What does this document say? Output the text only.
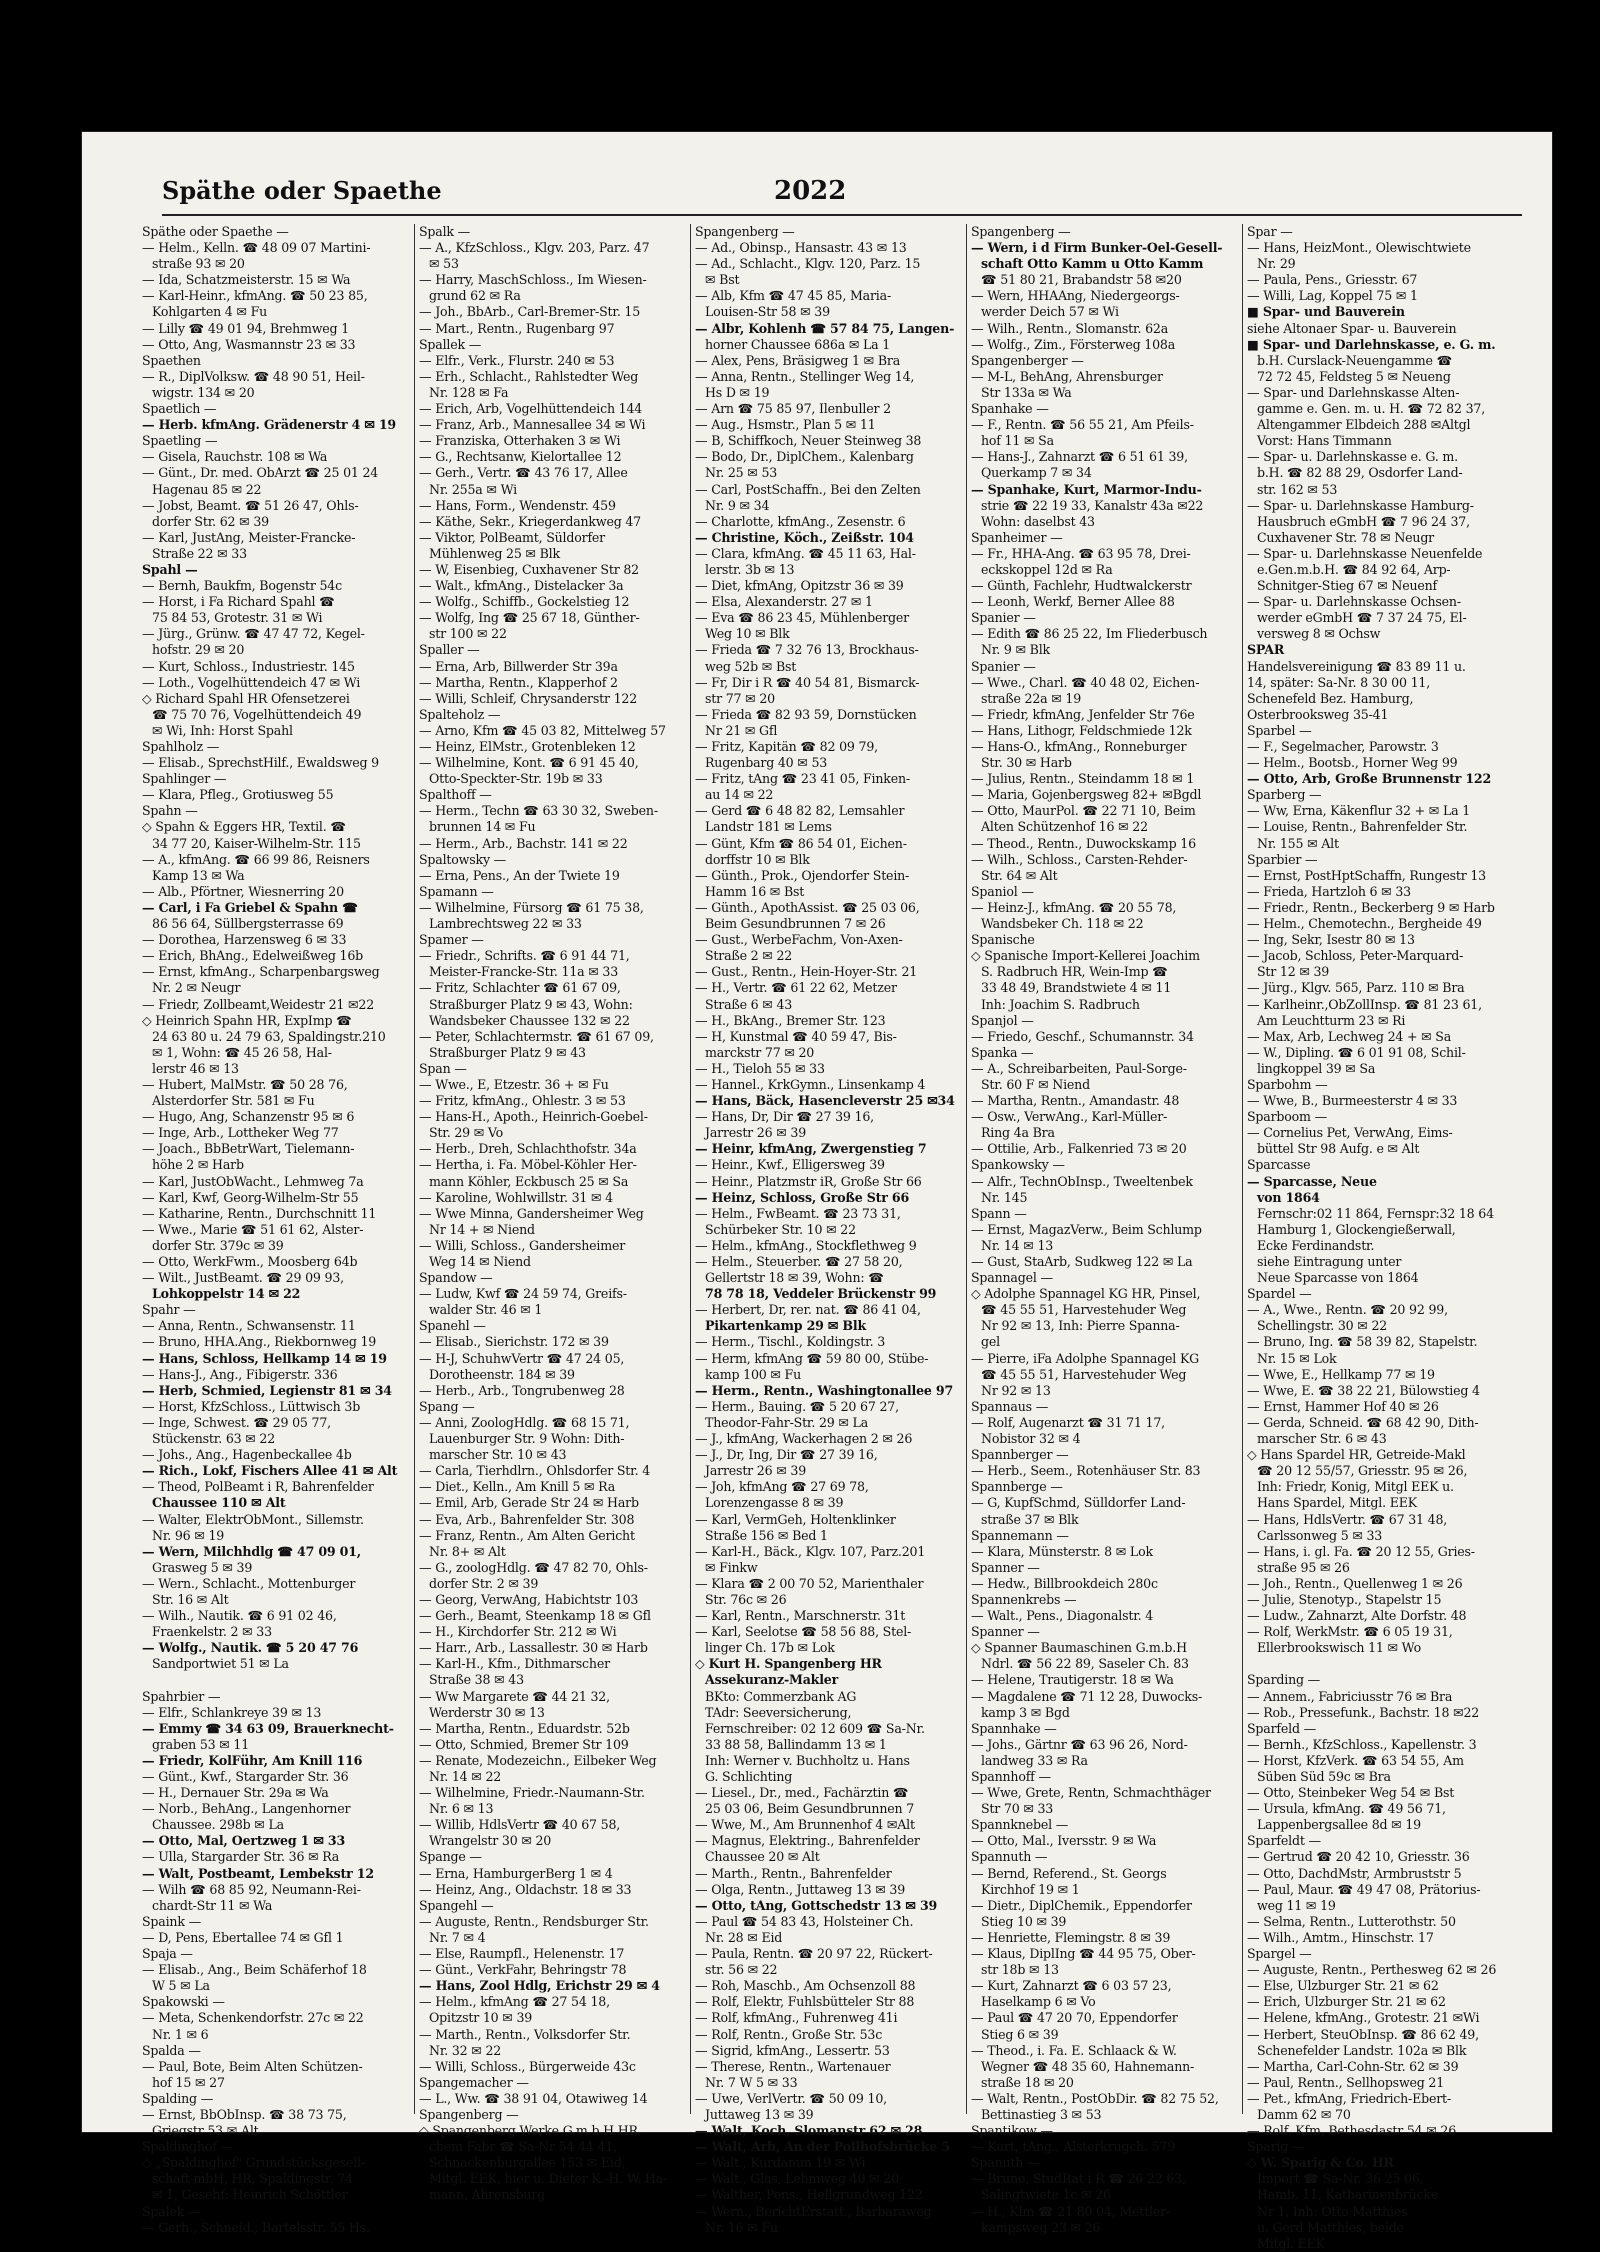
Späthe oder Spaethe	2022
Späthe oder Spaethe —
— Helm., Kelln. ☎ 48 09 07 Martini-
straße 93 ✉ 20
— Ida, Schatzmeisterstr. 15 ✉ Wa
— Karl-Heinr., kfmAng. ☎ 50 23 85,
Kohlgarten 4 ✉ Fu
— Lilly ☎ 49 01 94, Brehmweg 1
— Otto, Ang, Wasmannstr 23 ✉ 33
Spaethen
— R., DiplVolksw. ☎ 48 90 51, Heil-
wigstr. 134 ✉ 20
Spaetlich —
— Herb. kfmAng. Grädenerstr 4 ✉ 19
Spaetling —
— Gisela, Rauchstr. 108 ✉ Wa
— Günt., Dr. med. ObArzt ☎ 25 01 24
Hagenau 85 ✉ 22
— Jobst, Beamt. ☎ 51 26 47, Ohls-
dorfer Str. 62 ✉ 39
— Karl, JustAng, Meister-Francke-
Straße 22 ✉ 33
Spahl —
— Bernh, Baukfm, Bogenstr 54c
— Horst, i Fa Richard Spahl ☎
75 84 53, Grotestr. 31 ✉ Wi
— Jürg., Grünw. ☎ 47 47 72, Kegel-
hofstr. 29 ✉ 20
— Kurt, Schloss., Industriestr. 145
— Loth., Vogelhüttendeich 47 ✉ Wi
◇ Richard Spahl HR Ofensetzerei
☎ 75 70 76, Vogelhüttendeich 49
✉ Wi, Inh: Horst Spahl
Spahlholz —
— Elisab., SprechstHilf., Ewaldsweg 9
Spahlinger —
— Klara, Pfleg., Grotiusweg 55
Spahn —
◇ Spahn & Eggers HR, Textil. ☎
34 77 20, Kaiser-Wilhelm-Str. 115
— A., kfmAng. ☎ 66 99 86, Reisners
Kamp 13 ✉ Wa
— Alb., Pförtner, Wiesnerring 20
— Carl, i Fa Griebel & Spahn ☎
86 56 64, Süllbergsterrasse 69
— Dorothea, Harzensweg 6 ✉ 33
— Erich, BhAng., Edelweißweg 16b
— Ernst, kfmAng., Scharpenbargsweg
Nr. 2 ✉ Neugr
— Friedr, Zollbeamt,Weidestr 21 ✉22
◇ Heinrich Spahn HR, ExpImp ☎
24 63 80 u. 24 79 63, Spaldingstr.210
✉ 1, Wohn: ☎ 45 26 58, Hal-
lerstr 46 ✉ 13
— Hubert, MalMstr. ☎ 50 28 76,
Alsterdorfer Str. 581 ✉ Fu
— Hugo, Ang, Schanzenstr 95 ✉ 6
— Inge, Arb., Lottheker Weg 77
— Joach., BbBetrWart, Tielemann-
höhe 2 ✉ Harb
— Karl, JustObWacht., Lehmweg 7a
— Karl, Kwf, Georg-Wilhelm-Str 55
— Katharine, Rentn., Durchschnitt 11
— Wwe., Marie ☎ 51 61 62, Alster-
dorfer Str. 379c ✉ 39
— Otto, WerkFwm., Moosberg 64b
— Wilt., JustBeamt. ☎ 29 09 93,
Lohkoppelstr 14 ✉ 22
Spahr —
— Anna, Rentn., Schwansenstr. 11
— Bruno, HHA.Ang., Riekbornweg 19
— Hans, Schloss, Hellkamp 14 ✉ 19
— Hans-J., Ang., Fibigerstr. 336
— Herb, Schmied, Legienstr 81 ✉ 34
— Horst, KfzSchloss., Lüttwisch 3b
— Inge, Schwest. ☎ 29 05 77,
Stückenstr. 63 ✉ 22
— Johs., Ang., Hagenbeckallee 4b
— Rich., Lokf, Fischers Allee 41 ✉ Alt
— Theod, PolBeamt i R, Bahrenfelder
Chaussee 110 ✉ Alt
— Walter, ElektrObMont., Sillemstr.
Nr. 96 ✉ 19
— Wern, Milchhdlg ☎ 47 09 01,
Grasweg 5 ✉ 39
— Wern., Schlacht., Mottenburger
Str. 16 ✉ Alt
— Wilh., Nautik. ☎ 6 91 02 46,
Fraenkelstr. 2 ✉ 33
— Wolfg., Nautik. ☎ 5 20 47 76
Sandportwiet 51 ✉ La

Spahrbier —
— Elfr., Schlankreye 39 ✉ 13
— Emmy ☎ 34 63 09, Brauerknecht-
graben 53 ✉ 11
— Friedr, KolFühr, Am Knill 116
— Günt., Kwf., Stargarder Str. 36
— H., Dernauer Str. 29a ✉ Wa
— Norb., BehAng., Langenhorner
Chaussee. 298b ✉ La
— Otto, Mal, Oertzweg 1 ✉ 33
— Ulla, Stargarder Str. 36 ✉ Ra
— Walt, Postbeamt, Lembekstr 12
— Wilh ☎ 68 85 92, Neumann-Rei-
chardt-Str 11 ✉ Wa
Spaink —
— D, Pens, Ebertallee 74 ✉ Gfl 1
Spaja —
— Elisab., Ang., Beim Schäferhof 18
W 5 ✉ La
Spakowski —
— Meta, Schenkendorfstr. 27c ✉ 22
Nr. 1 ✉ 6
Spalda —
— Paul, Bote, Beim Alten Schützen-
hof 15 ✉ 27
Spalding —
— Ernst, BbObInsp. ☎ 38 73 75,
Griegstr 53 ✉ Alt
Spaldinghof —
◇ „Spaldinghof" Grundstücksgesell-
schaft mbH, HR, Spaldingstr. 74
✉ 1, Gesehf: Heinrich Schöttler
Spalek —
— Gerh., Schneid., Bartelsstr. 55 Hs.
Spalk —
— A., KfzSchloss., Klgv. 203, Parz. 47
✉ 53
— Harry, MaschSchloss., Im Wiesen-
grund 62 ✉ Ra
— Joh., BbArb., Carl-Bremer-Str. 15
— Mart., Rentn., Rugenbarg 97
Spallek —
— Elfr., Verk., Flurstr. 240 ✉ 53
— Erh., Schlacht., Rahlstedter Weg
Nr. 128 ✉ Fa
— Erich, Arb, Vogelhüttendeich 144
— Franz, Arb., Mannesallee 34 ✉ Wi
— Franziska, Otterhaken 3 ✉ Wi
— G., Rechtsanw, Kielortallee 12
— Gerh., Vertr. ☎ 43 76 17, Allee
Nr. 255a ✉ Wi
— Hans, Form., Wendenstr. 459
— Käthe, Sekr., Kriegerdankweg 47
— Viktor, PolBeamt, Süldorfer
Mühlenweg 25 ✉ Blk
— W, Eisenbieg, Cuxhavener Str 82
— Walt., kfmAng., Distelacker 3a
— Wolfg., Schiffb., Gockelstieg 12
— Wolfg, Ing ☎ 25 67 18, Günther-
str 100 ✉ 22
Spaller —
— Erna, Arb, Billwerder Str 39a
— Martha, Rentn., Klapperhof 2
— Willi, Schleif, Chrysanderstr 122
Spalteholz —
— Arno, Kfm ☎ 45 03 82, Mittelweg 57
— Heinz, ElMstr., Grotenbleken 12
— Wilhelmine, Kont. ☎ 6 91 45 40,
Otto-Speckter-Str. 19b ✉ 33
Spalthoff —
— Herm., Techn ☎ 63 30 32, Sweben-
brunnen 14 ✉ Fu
— Herm., Arb., Bachstr. 141 ✉ 22
Spaltowsky —
— Erna, Pens., An der Twiete 19
Spamann —
— Wilhelmine, Fürsorg ☎ 61 75 38,
Lambrechtsweg 22 ✉ 33
Spamer —
— Friedr., Schrifts. ☎ 6 91 44 71,
Meister-Francke-Str. 11a ✉ 33
— Fritz, Schlachter ☎ 61 67 09,
Straßburger Platz 9 ✉ 43, Wohn:
Wandsbeker Chaussee 132 ✉ 22
— Peter, Schlachtermstr. ☎ 61 67 09,
Straßburger Platz 9 ✉ 43
Span —
— Wwe., E, Etzestr. 36 + ✉ Fu
— Fritz, kfmAng., Ohlestr. 3 ✉ 53
— Hans-H., Apoth., Heinrich-Goebel-
Str. 29 ✉ Vo
— Herb., Dreh, Schlachthofstr. 34a
— Hertha, i. Fa. Möbel-Köhler Her-
mann Köhler, Eckbusch 25 ✉ Sa
— Karoline, Wohlwillstr. 31 ✉ 4
— Wwe Minna, Gandersheimer Weg
Nr 14 + ✉ Niend
— Willi, Schloss., Gandersheimer
Weg 14 ✉ Niend
Spandow —
— Ludw, Kwf ☎ 24 59 74, Greifs-
walder Str. 46 ✉ 1
Spanehl —
— Elisab., Sierichstr. 172 ✉ 39
— H-J, SchuhwVertr ☎ 47 24 05,
Dorotheenstr. 184 ✉ 39
— Herb., Arb., Tongrubenweg 28
Spang —
— Anni, ZoologHdlg. ☎ 68 15 71,
Lauenburger Str. 9 Wohn: Dith-
marscher Str. 10 ✉ 43
— Carla, Tierhdlrn., Ohlsdorfer Str. 4
— Diet., Kelln., Am Knill 5 ✉ Ra
— Emil, Arb, Gerade Str 24 ✉ Harb
— Eva, Arb., Bahrenfelder Str. 308
— Franz, Rentn., Am Alten Gericht
Nr. 8+ ✉ Alt
— G., zoologHdlg. ☎ 47 82 70, Ohls-
dorfer Str. 2 ✉ 39
— Georg, VerwAng, Habichtstr 103
— Gerh., Beamt, Steenkamp 18 ✉ Gfl
— H., Kirchdorfer Str. 212 ✉ Wi
— Harr., Arb., Lassallestr. 30 ✉ Harb
— Karl-H., Kfm., Dithmarscher
Straße 38 ✉ 43
— Ww Margarete ☎ 44 21 32,
Werderstr 30 ✉ 13
— Martha, Rentn., Eduardstr. 52b
— Otto, Schmied, Bremer Str 109
— Renate, Modezeichn., Eilbeker Weg
Nr. 14 ✉ 22
— Wilhelmine, Friedr.-Naumann-Str.
Nr. 6 ✉ 13
— Willib, HdlsVertr ☎ 40 67 58,
Wrangelstr 30 ✉ 20
Spange —
— Erna, HamburgerBerg 1 ✉ 4
— Heinz, Ang., Oldachstr. 18 ✉ 33
Spangehl —
— Auguste, Rentn., Rendsburger Str.
Nr. 7 ✉ 4
— Else, Raumpfl., Helenenstr. 17
— Günt., VerkFahr, Behringstr 78
— Hans, Zool Hdlg, Erichstr 29 ✉ 4
— Helm., kfmAng ☎ 27 54 18,
Opitzstr 10 ✉ 39
— Marth., Rentn., Volksdorfer Str.
Nr. 32 ✉ 22
— Willi, Schloss., Bürgerweide 43c
Spangemacher —
— L., Ww. ☎ 38 91 04, Otawiweg 14
Spangenberg —
◇ Spangenberg Werke G.m.b.H HR,
chem Fabr ☎ Sa-Nr 54 44 41,
Schnackenburgallee 153 ✉ Eid,
Mitgl. EEK, hier u. Dieter K.-H. W. Ha-
mann, Ahrensburg
Spangenberg —
— Ad., Obinsp., Hansastr. 43 ✉ 13
— Ad., Schlacht., Klgv. 120, Parz. 15
✉ Bst
— Alb, Kfm ☎ 47 45 85, Maria-
Louisen-Str 58 ✉ 39
— Albr, Kohlenh ☎ 57 84 75, Langen-
horner Chaussee 686a ✉ La 1
— Alex, Pens, Bräsigweg 1 ✉ Bra
— Anna, Rentn., Stellinger Weg 14,
Hs D ✉ 19
— Arn ☎ 75 85 97, Ilenbuller 2
— Aug., Hsmstr., Plan 5 ✉ 11
— B, Schiffkoch, Neuer Steinweg 38
— Bodo, Dr., DiplChem., Kalenbarg
Nr. 25 ✉ 53
— Carl, PostSchaffn., Bei den Zelten
Nr. 9 ✉ 34
— Charlotte, kfmAng., Zesenstr. 6
— Christine, Köch., Zeißstr. 104
— Clara, kfmAng. ☎ 45 11 63, Hal-
lerstr. 3b ✉ 13
— Diet, kfmAng, Opitzstr 36 ✉ 39
— Elsa, Alexanderstr. 27 ✉ 1
— Eva ☎ 86 23 45, Mühlenberger
Weg 10 ✉ Blk
— Frieda ☎ 7 32 76 13, Brockhaus-
weg 52b ✉ Bst
— Fr, Dir i R ☎ 40 54 81, Bismarck-
str 77 ✉ 20
— Frieda ☎ 82 93 59, Dornstücken
Nr 21 ✉ Gfl
— Fritz, Kapitän ☎ 82 09 79,
Rugenbarg 40 ✉ 53
— Fritz, tAng ☎ 23 41 05, Finken-
au 14 ✉ 22
— Gerd ☎ 6 48 82 82, Lemsahler
Landstr 181 ✉ Lems
— Günt, Kfm ☎ 86 54 01, Eichen-
dorffstr 10 ✉ Blk
— Günth., Prok., Ojendorfer Stein-
Hamm 16 ✉ Bst
— Günth., ApothAssist. ☎ 25 03 06,
Beim Gesundbrunnen 7 ✉ 26
— Gust., WerbeFachm, Von-Axen-
Straße 2 ✉ 22
— Gust., Rentn., Hein-Hoyer-Str. 21
— H., Vertr. ☎ 61 22 62, Metzer
Straße 6 ✉ 43
— H., BkAng., Bremer Str. 123
— H, Kunstmal ☎ 40 59 47, Bis-
marckstr 77 ✉ 20
— H., Tieloh 55 ✉ 33
— Hannel., KrkGymn., Linsenkamp 4
— Hans, Bäck, Hasencleverstr 25 ✉34
— Hans, Dr, Dir ☎ 27 39 16,
Jarrestr 26 ✉ 39
— Heinr, kfmAng, Zwergenstieg 7
— Heinr., Kwf., Elligersweg 39
— Heinr., Platzmstr iR, Große Str 66
— Heinz, Schloss, Große Str 66
— Helm., FwBeamt. ☎ 23 73 31,
Schürbeker Str. 10 ✉ 22
— Helm., kfmAng., Stockflethweg 9
— Helm., Steuerber. ☎ 27 58 20,
Gellertstr 18 ✉ 39, Wohn: ☎
78 78 18, Veddeler Brückenstr 99
— Herbert, Dr, rer. nat. ☎ 86 41 04,
Pikartenkamp 29 ✉ Blk
— Herm., Tischl., Koldingstr. 3
— Herm, kfmAng ☎ 59 80 00, Stübe-
kamp 100 ✉ Fu
— Herm., Rentn., Washingtonallee 97
— Herm., Bauing. ☎ 5 20 67 27,
Theodor-Fahr-Str. 29 ✉ La
— J., kfmAng, Wackerhagen 2 ✉ 26
— J., Dr, Ing, Dir ☎ 27 39 16,
Jarrestr 26 ✉ 39
— Joh, kfmAng ☎ 27 69 78,
Lorenzengasse 8 ✉ 39
— Karl, VermGeh, Holtenklinker
Straße 156 ✉ Bed 1
— Karl-H., Bäck., Klgv. 107, Parz.201
✉ Finkw
— Klara ☎ 2 00 70 52, Marienthaler
Str. 76c ✉ 26
— Karl, Rentn., Marschnerstr. 31t
— Karl, Seelotse ☎ 58 56 88, Stel-
linger Ch. 17b ✉ Lok
◇ Kurt H. Spangenberg HR
Assekuranz-Makler
BKto: Commerzbank AG
TAdr: Seeversicherung,
Fernschreiber: 02 12 609 ☎ Sa-Nr.
33 88 58, Ballindamm 13 ✉ 1
Inh: Werner v. Buchholtz u. Hans
G. Schlichting
— Liesel., Dr., med., Fachärztin ☎
25 03 06, Beim Gesundbrunnen 7
— Wwe, M., Am Brunnenhof 4 ✉Alt
— Magnus, Elektring., Bahrenfelder
Chaussee 20 ✉ Alt
— Marth., Rentn., Bahrenfelder
— Olga, Rentn., Juttaweg 13 ✉ 39
— Otto, tAng, Gottschedstr 13 ✉ 39
— Paul ☎ 54 83 43, Holsteiner Ch.
Nr. 28 ✉ Eid
— Paula, Rentn. ☎ 20 97 22, Rückert-
str. 56 ✉ 22
— Roh, Maschb., Am Ochsenzoll 88
— Rolf, Elektr, Fuhlsbütteler Str 88
— Rolf, kfmAng., Fuhrenweg 41i
— Rolf, Rentn., Große Str. 53c
— Sigrid, kfmAng., Lessertr. 53
— Therese, Rentn., Wartenauer
Nr. 7 W 5 ✉ 33
— Uwe, VerlVertr. ☎ 50 09 10,
Juttaweg 13 ✉ 39
— Walt, Koch, Slomanstr 62 ✉ 28
— Walt, Arb, An der Pollhofsbrücke 5
— Walt., Kurdamm 19 ✉ Wi
— Walt., Glas, Lehmweg 40 ✉ 20
— Walther, Pens., Hellgrundweg 122
— Wern., BerichtErstatt., Barbaraweg
Nr. 16 ✉ Fu
Spangenberg —
— Wern, i d Firm Bunker-Oel-Gesell-
schaft Otto Kamm u Otto Kamm
☎ 51 80 21, Brabandstr 58 ✉20
— Wern, HHAAng, Niedergeorgs-
werder Deich 57 ✉ Wi
— Wilh., Rentn., Slomanstr. 62a
— Wolfg., Zim., Försterweg 108a
Spangenberger —
— M-L, BehAng, Ahrensburger
Str 133a ✉ Wa
Spanhake —
— F., Rentn. ☎ 56 55 21, Am Pfeils-
hof 11 ✉ Sa
— Hans-J., Zahnarzt ☎ 6 51 61 39,
Querkamp 7 ✉ 34
— Spanhake, Kurt, Marmor-Indu-
strie ☎ 22 19 33, Kanalstr 43a ✉22
Wohn: daselbst 43
Spanheimer —
— Fr., HHA-Ang. ☎ 63 95 78, Drei-
eckskoppel 12d ✉ Ra
— Günth, Fachlehr, Hudtwalckerstr
— Leonh, Werkf, Berner Allee 88
Spanier —
— Edith ☎ 86 25 22, Im Fliederbusch
Nr. 9 ✉ Blk
Spanier —
— Wwe., Charl. ☎ 40 48 02, Eichen-
straße 22a ✉ 19
— Friedr, kfmAng, Jenfelder Str 76e
— Hans, Lithogr, Feldschmiede 12k
— Hans-O., kfmAng., Ronneburger
Str. 30 ✉ Harb
— Julius, Rentn., Steindamm 18 ✉ 1
— Maria, Gojenbergsweg 82+ ✉Bgdl
— Otto, MaurPol. ☎ 22 71 10, Beim
Alten Schützenhof 16 ✉ 22
— Theod., Rentn., Duwockskamp 16
— Wilh., Schloss., Carsten-Rehder-
Str. 64 ✉ Alt
Spaniol —
— Heinz-J., kfmAng. ☎ 20 55 78,
Wandsbeker Ch. 118 ✉ 22
Spanische
◇ Spanische Import-Kellerei Joachim
S. Radbruch HR, Wein-Imp ☎
33 48 49, Brandstwiete 4 ✉ 11
Inh: Joachim S. Radbruch
Spanjol —
— Friedo, Geschf., Schumannstr. 34
Spanka —
— A., Schreibarbeiten, Paul-Sorge-
Str. 60 F ✉ Niend
— Martha, Rentn., Amandastr. 48
— Osw., VerwAng., Karl-Müller-
Ring 4a Bra
— Ottilie, Arb., Falkenried 73 ✉ 20
Spankowsky —
— Alfr., TechnObInsp., Tweeltenbek
Nr. 145
Spann —
— Ernst, MagazVerw., Beim Schlump
Nr. 14 ✉ 13
— Gust, StaArb, Sudkweg 122 ✉ La
Spannagel —
◇ Adolphe Spannagel KG HR, Pinsel,
☎ 45 55 51, Harvestehuder Weg
Nr 92 ✉ 13, Inh: Pierre Spanna-
gel
— Pierre, iFa Adolphe Spannagel KG
☎ 45 55 51, Harvestehuder Weg
Nr 92 ✉ 13
Spannaus —
— Rolf, Augenarzt ☎ 31 71 17,
Nobistor 32 ✉ 4
Spannberger —
— Herb., Seem., Rotenhäuser Str. 83
Spannberge —
— G, KupfSchmd, Sülldorfer Land-
straße 37 ✉ Blk
Spannemann —
— Klara, Münsterstr. 8 ✉ Lok
Spanner —
— Hedw., Billbrookdeich 280c
Spannenkrebs —
— Walt., Pens., Diagonalstr. 4
Spanner —
◇ Spanner Baumaschinen G.m.b.H
Ndrl. ☎ 56 22 89, Saseler Ch. 83
— Helene, Trautigerstr. 18 ✉ Wa
— Magdalene ☎ 71 12 28, Duwocks-
kamp 3 ✉ Bgd
Spannhake —
— Johs., Gärtnr ☎ 63 96 26, Nord-
landweg 33 ✉ Ra
Spannhoff —
— Wwe, Grete, Rentn, Schmachthäger
Str 70 ✉ 33
Spannknebel —
— Otto, Mal., Iversstr. 9 ✉ Wa
Spannuth —
— Bernd, Referend., St. Georgs
Kirchhof 19 ✉ 1
— Dietr., DiplChemik., Eppendorfer
Stieg 10 ✉ 39
— Henriette, Flemingstr. 8 ✉ 39
— Klaus, DiplIng ☎ 44 95 75, Ober-
str 18b ✉ 13
— Kurt, Zahnarzt ☎ 6 03 57 23,
Haselkamp 6 ✉ Vo
— Paul ☎ 47 20 70, Eppendorfer
Stieg 6 ✉ 39
— Theod., i. Fa. E. Schlaack & W.
Wegner ☎ 48 35 60, Hahnemann-
straße 18 ✉ 20
— Walt, Rentn., PostObDir. ☎ 82 75 52,
Bettinastieg 3 ✉ 53
Spantikow —
— Kurt, tAng., Alsterkrugch. 579
Spanuth —
— Bruno, StudRat i R ☎ 26 22 63,
Salingtwiete 1c ✉ 26
— H., Klm ☎ 21 80 04, Mettler-
kampsweg 23 ✉ 26
Spar —
— Hans, HeizMont., Olewischtwiete
Nr. 29
— Paula, Pens., Griesstr. 67
— Willi, Lag, Koppel 75 ✉ 1
■ Spar- und Bauverein
siehe Altonaer Spar- u. Bauverein
■ Spar- und Darlehnskasse, e. G. m.
b.H. Curslack-Neuengamme ☎
72 72 45, Feldsteg 5 ✉ Neueng
— Spar- und Darlehnskasse Alten-
gamme e. Gen. m. u. H. ☎ 72 82 37,
Altengammer Elbdeich 288 ✉Altgl
Vorst: Hans Timmann
— Spar- u. Darlehnskasse e. G. m.
b.H. ☎ 82 88 29, Osdorfer Land-
str. 162 ✉ 53
— Spar- u. Darlehnskasse Hamburg-
Hausbruch eGmbH ☎ 7 96 24 37,
Cuxhavener Str. 78 ✉ Neugr
— Spar- u. Darlehnskasse Neuenfelde
e.Gen.m.b.H. ☎ 84 92 64, Arp-
Schnitger-Stieg 67 ✉ Neuenf
— Spar- u. Darlehnskasse Ochsen-
werder eGmbH ☎ 7 37 24 75, El-
versweg 8 ✉ Ochsw
SPAR
Handelsvereinigung ☎ 83 89 11 u.
14, später: Sa-Nr. 8 30 00 11,
Schenefeld Bez. Hamburg,
Osterbrooksweg 35-41
Sparbel —
— F., Segelmacher, Parowstr. 3
— Helm., Bootsb., Horner Weg 99
— Otto, Arb, Große Brunnenstr 122
Sparberg —
— Ww, Erna, Käkenflur 32 + ✉ La 1
— Louise, Rentn., Bahrenfelder Str.
Nr. 155 ✉ Alt
Sparbier —
— Ernst, PostHptSchaffn, Rungestr 13
— Frieda, Hartzloh 6 ✉ 33
— Friedr., Rentn., Beckerberg 9 ✉ Harb
— Helm., Chemotechn., Bergheide 49
— Ing, Sekr, Isestr 80 ✉ 13
— Jacob, Schloss, Peter-Marquard-
Str 12 ✉ 39
— Jürg., Klgv. 565, Parz. 110 ✉ Bra
— Karlheinr.,ObZollInsp. ☎ 81 23 61,
Am Leuchtturm 23 ✉ Ri
— Max, Arb, Lechweg 24 + ✉ Sa
— W., Dipling. ☎ 6 01 91 08, Schil-
lingkoppel 39 ✉ Sa
Sparbohm —
— Wwe, B., Burmeesterstr 4 ✉ 33
Sparboom —
— Cornelius Pet, VerwAng, Eims-
büttel Str 98 Aufg. e ✉ Alt
Sparcasse
— Sparcasse, Neue
von 1864
Fernschr:02 11 864, Fernspr:32 18 64
Hamburg 1, Glockengießerwall,
Ecke Ferdinandstr.
siehe Eintragung unter
Neue Sparcasse von 1864
Spardel —
— A., Wwe., Rentn. ☎ 20 92 99,
Schellingstr. 30 ✉ 22
— Bruno, Ing. ☎ 58 39 82, Stapelstr.
Nr. 15 ✉ Lok
— Wwe, E., Hellkamp 77 ✉ 19
— Wwe, E. ☎ 38 22 21, Bülowstieg 4
— Ernst, Hammer Hof 40 ✉ 26
— Gerda, Schneid. ☎ 68 42 90, Dith-
marscher Str. 6 ✉ 43
◇ Hans Spardel HR, Getreide-Makl
☎ 20 12 55/57, Griesstr. 95 ✉ 26,
Inh: Friedr, Konig, Mitgl EEK u.
Hans Spardel, Mitgl. EEK
— Hans, HdlsVertr. ☎ 67 31 48,
Carlssonweg 5 ✉ 33
— Hans, i. gl. Fa. ☎ 20 12 55, Gries-
straße 95 ✉ 26
— Joh., Rentn., Quellenweg 1 ✉ 26
— Julie, Stenotyp., Stapelstr 15
— Ludw., Zahnarzt, Alte Dorfstr. 48
— Rolf, WerkMstr. ☎ 6 05 19 31,
Ellerbrookswisch 11 ✉ Wo

Sparding —
— Annem., Fabriciusstr 76 ✉ Bra
— Rob., Pressefunk., Bachstr. 18 ✉22
Sparfeld —
— Bernh., KfzSchloss., Kapellenstr. 3
— Horst, KfzVerk. ☎ 63 54 55, Am
Süben Süd 59c ✉ Bra
— Otto, Steinbeker Weg 54 ✉ Bst
— Ursula, kfmAng. ☎ 49 56 71,
Lappenbergsallee 8d ✉ 19
Sparfeldt —
— Gertrud ☎ 20 42 10, Griesstr. 36
— Otto, DachdMstr, Armbruststr 5
— Paul, Maur. ☎ 49 47 08, Prätorius-
weg 11 ✉ 19
— Selma, Rentn., Lutterothstr. 50
— Wilh., Amtm., Hinschstr. 17
Spargel —
— Auguste, Rentn., Perthesweg 62 ✉ 26
— Else, Ulzburger Str. 21 ✉ 62
— Erich, Ulzburger Str. 21 ✉ 62
— Helene, kfmAng., Grotestr. 21 ✉Wi
— Herbert, SteuObInsp. ☎ 86 62 49,
Schenefelder Landstr. 102a ✉ Blk
— Martha, Carl-Cohn-Str. 62 ✉ 39
— Paul, Rentn., Sellhopsweg 21
— Pet., kfmAng, Friedrich-Ebert-
Damm 62 ✉ 70
— Rolf, Kfm, Bethesdastr 54 ✉ 26
Sparig —
◇ W. Sparig & Co. HR
Import ☎ Sa-Nr. 36 25 06,
Hamb. 11, Katharinenbrücke
Nr 1, Inh: Otto Matthies
u. Gerd Matthies, beide
Mitgl. EEK
